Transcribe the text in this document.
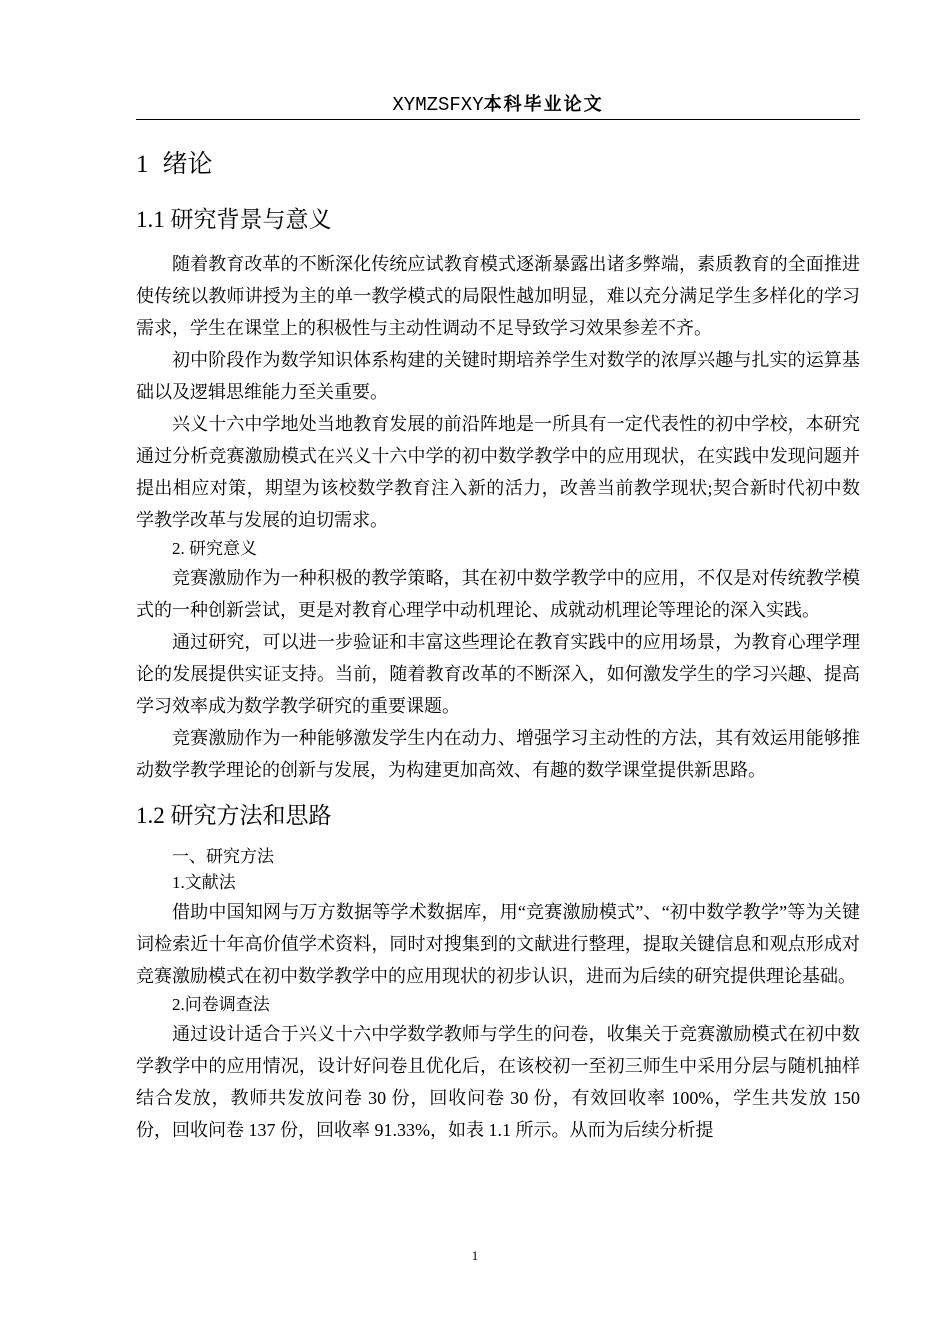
XYMZSFXY本科毕业论文
1 绪论
1.1 研究背景与意义

随着教育改革的不断深化传统应试教育模式逐渐暴露出诸多弊端，素质教育的全面推进使传统以教师讲授为主的单一教学模式的局限性越加明显，难以充分满足学生多样化的学习需求，学生在课堂上的积极性与主动性调动不足导致学习效果参差不齐。

初中阶段作为数学知识体系构建的关键时期培养学生对数学的浓厚兴趣与扎实的运算基础以及逻辑思维能力至关重要。

兴义十六中学地处当地教育发展的前沿阵地是一所具有一定代表性的初中学校，本研究通过分析竞赛激励模式在兴义十六中学的初中数学教学中的应用现状，在实践中发现问题并提出相应对策，期望为该校数学教育注入新的活力，改善当前教学现状;契合新时代初中数学教学改革与发展的迫切需求。

2. 研究意义

竞赛激励作为一种积极的教学策略，其在初中数学教学中的应用，不仅是对传统教学模式的一种创新尝试，更是对教育心理学中动机理论、成就动机理论等理论的深入实践。

通过研究，可以进一步验证和丰富这些理论在教育实践中的应用场景，为教育心理学理论的发展提供实证支持。当前，随着教育改革的不断深入，如何激发学生的学习兴趣、提高学习效率成为数学教学研究的重要课题。

竞赛激励作为一种能够激发学生内在动力、增强学习主动性的方法，其有效运用能够推动数学教学理论的创新与发展，为构建更加高效、有趣的数学课堂提供新思路。

1.2 研究方法和思路

一、研究方法

1.文献法

借助中国知网与万方数据等学术数据库，用“竞赛激励模式”、“初中数学教学”等为关键词检索近十年高价值学术资料，同时对搜集到的文献进行整理，提取关键信息和观点形成对竞赛激励模式在初中数学教学中的应用现状的初步认识，进而为后续的研究提供理论基础。

2.问卷调查法

通过设计适合于兴义十六中学数学教师与学生的问卷，收集关于竞赛激励模式在初中数学教学中的应用情况，设计好问卷且优化后，在该校初一至初三师生中采用分层与随机抽样结合发放，教师共发放问卷 30 份，回收问卷 30 份，有效回收率 100%，学生共发放 150 份，回收问卷 137 份，回收率 91.33%，如表 1.1 所示。从而为后续分析提

1
